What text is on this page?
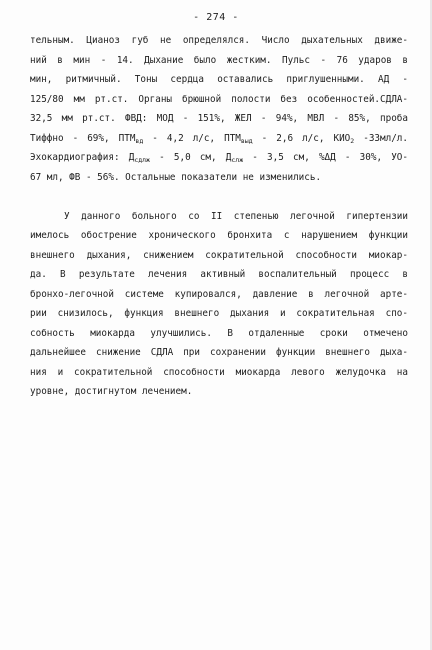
- 274 -
тельным. Цианоз губ не определялся. Число дыхательных движе-
ний в мин - 14. Дыхание было жестким. Пульс - 76 ударов в
мин, ритмичный. Тоны сердца оставались приглушенными. АД -
125/80 мм рт.ст. Органы брюшной полости без особенностей.СДЛА-
32,5 мм рт.ст. ФВД: МОД - 151%, ЖЕЛ - 94%, МВЛ - 85%, проба
Тиффно - 69%, $ПТМ_{вд} - 4,2$ л/с, $ПТМ_{выд} - 2,6$ л/с, $КИО_2$ -33мл/л.
Эхокардиография: $Д_{сдлж} - 5,0$ см, $Д_{слж} - 3,5$ см, %ΔД - 30%, УО-
67 мл, ФВ - 56%. Остальные показатели не изменились.
У данного больного со II степенью легочной гипертензии
имелось обострение хронического бронхита с нарушением функции
внешнего дыхания, снижением сократительной способности миокар-
да. В результате лечения активный воспалительный процесс в
бронхо-легочной системе купировался, давление в легочной арте-
рии снизилось, функция внешнего дыхания и сократительная спо-
собность миокарда улучшились. В отдаленные сроки отмечено
дальнейшее снижение СДЛА при сохранении функции внешнего дыха-
ния и сократительной способности миокарда левого желудочка на
уровне, достигнутом лечением.
